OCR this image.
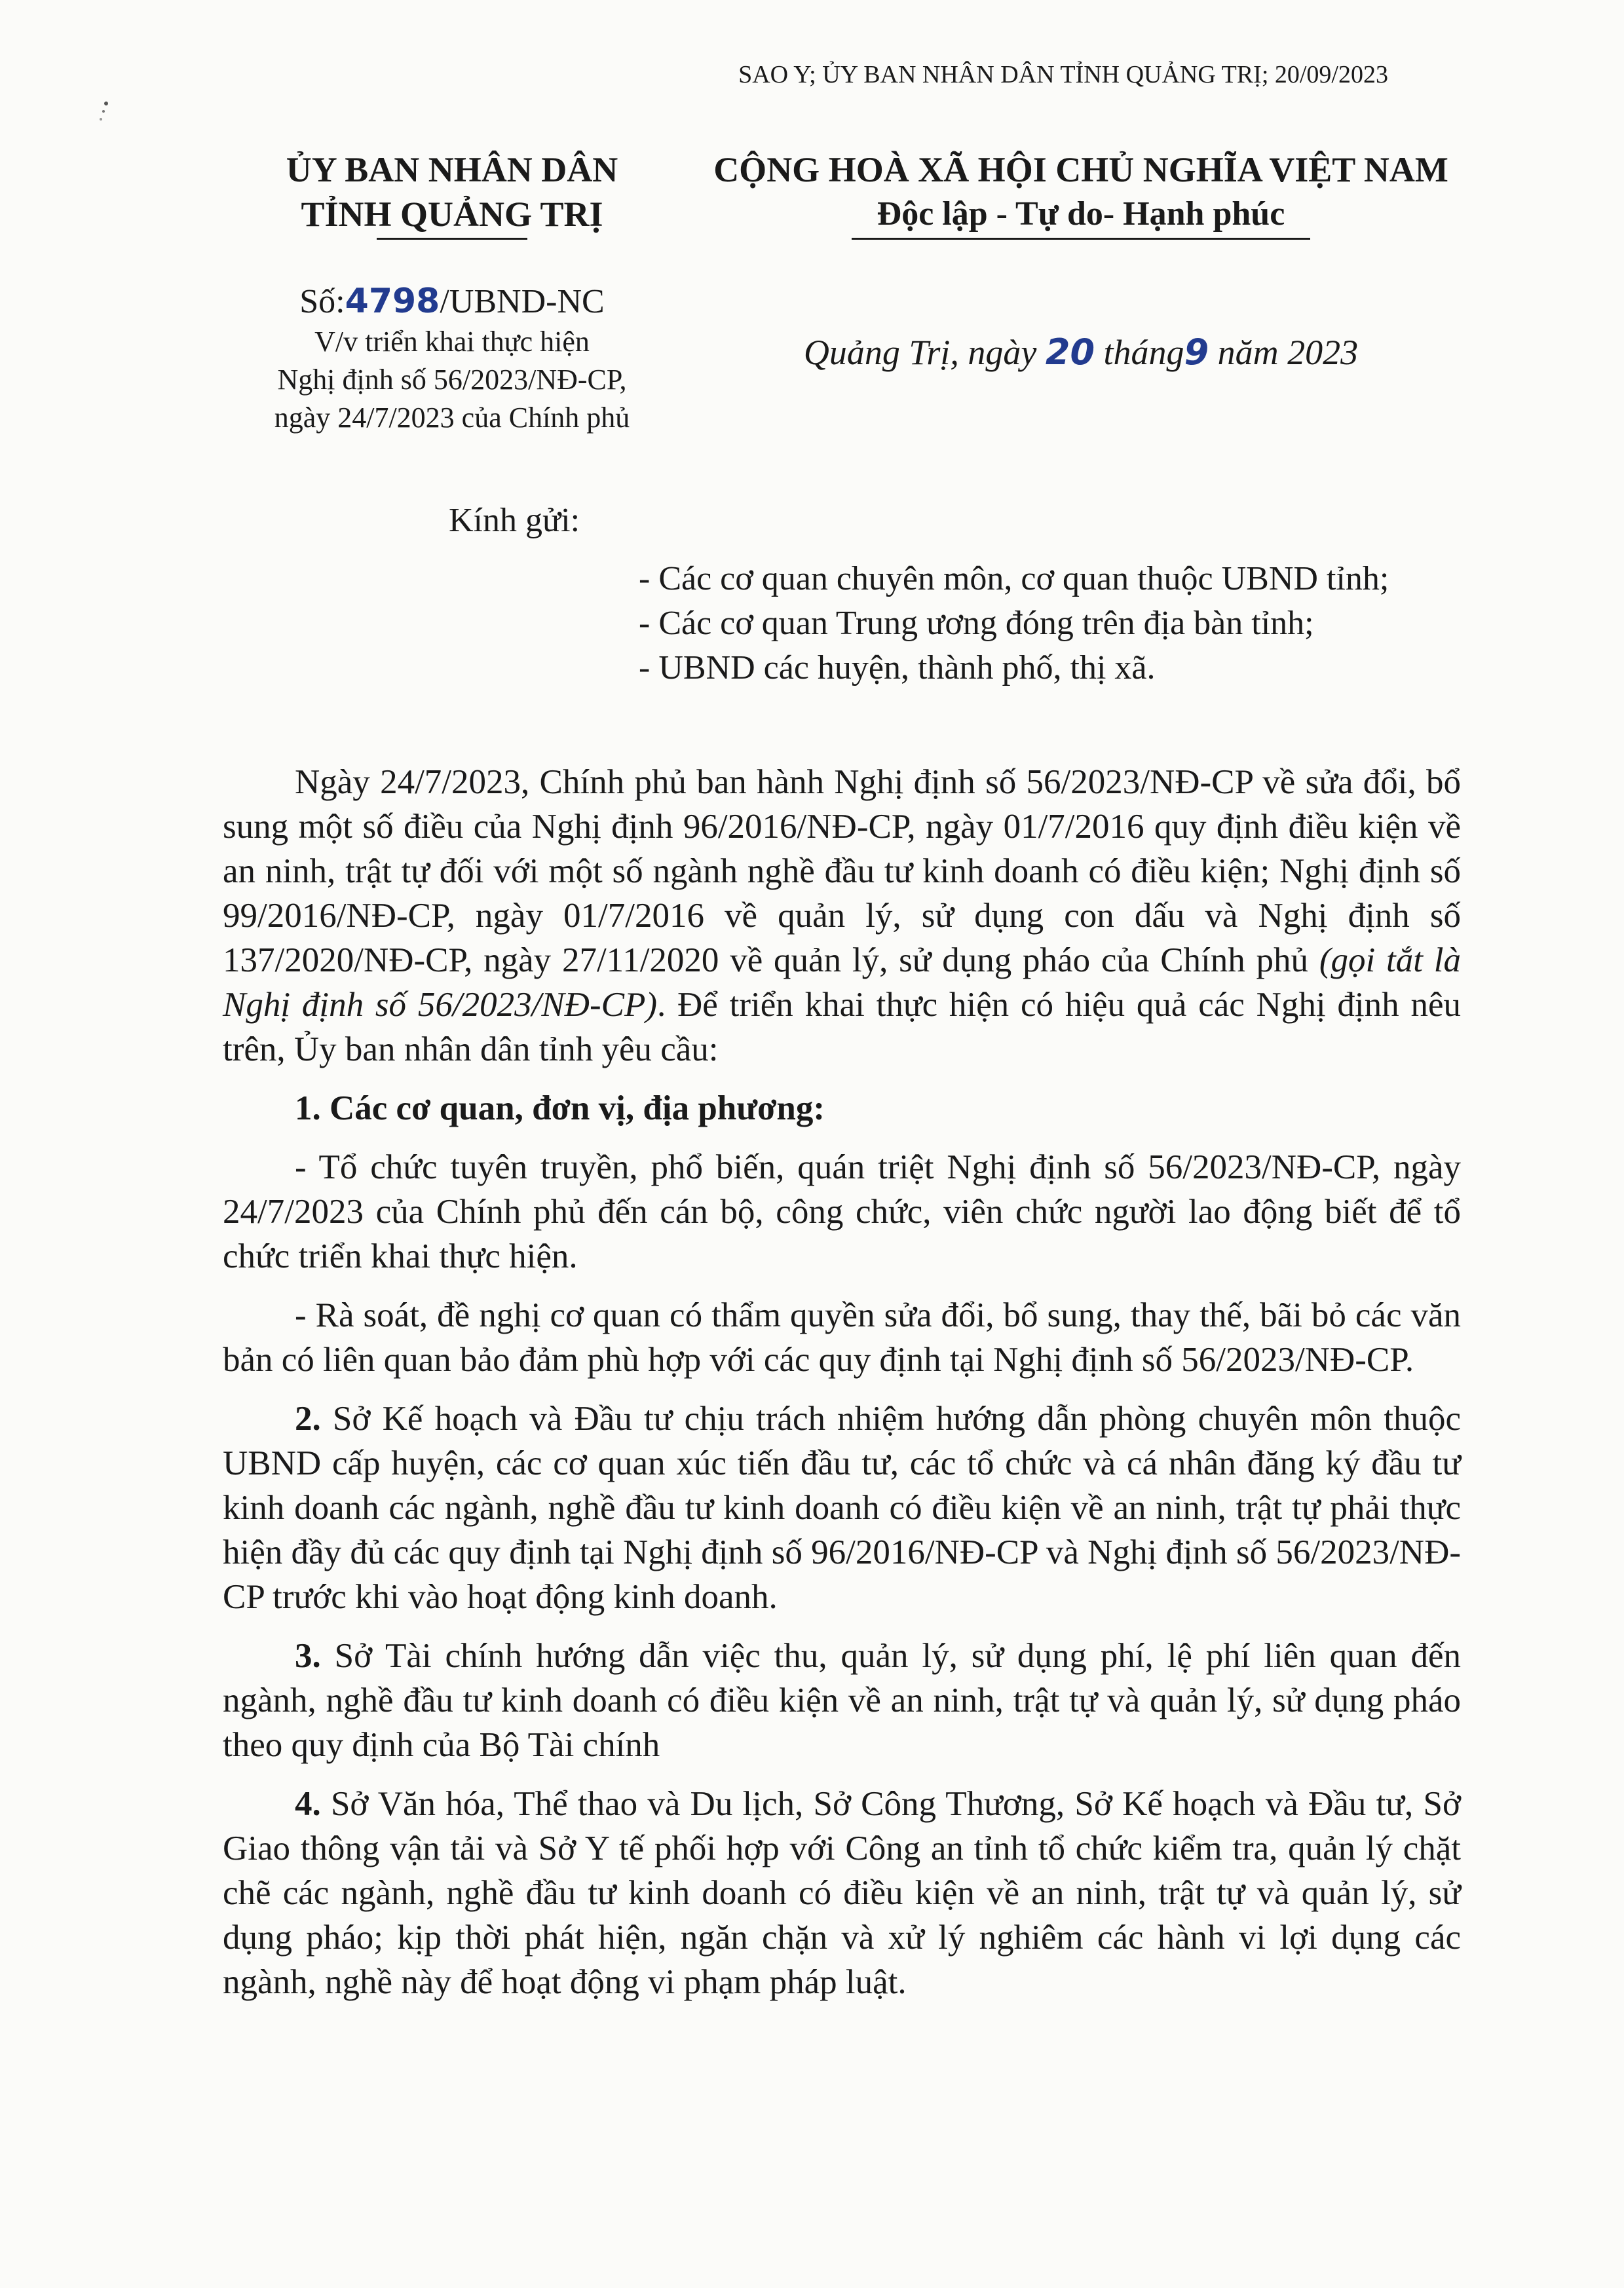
SAO Y; ỦY BAN NHÂN DÂN TỈNH QUẢNG TRỊ; 20/09/2023
ỦY BAN NHÂN DÂN
TỈNH QUẢNG TRỊ
Số:4798/UBND-NC
V/v triển khai thực hiện
Nghị định số 56/2023/NĐ-CP,
ngày 24/7/2023 của Chính phủ
CỘNG HOÀ XÃ HỘI CHỦ NGHĨA VIỆT NAM
Độc lập - Tự do- Hạnh phúc
Quảng Trị, ngày 20 tháng9 năm 2023
Kính gửi:
- Các cơ quan chuyên môn, cơ quan thuộc UBND tỉnh;
- Các cơ quan Trung ương đóng trên địa bàn tỉnh;
- UBND các huyện, thành phố, thị xã.

Ngày 24/7/2023, Chính phủ ban hành Nghị định số 56/2023/NĐ-CP về sửa đổi, bổ sung một số điều của Nghị định 96/2016/NĐ-CP, ngày 01/7/2016 quy định điều kiện về an ninh, trật tự đối với một số ngành nghề đầu tư kinh doanh có điều kiện; Nghị định số 99/2016/NĐ-CP, ngày 01/7/2016 về quản lý, sử dụng con dấu và Nghị định số 137/2020/NĐ-CP, ngày 27/11/2020 về quản lý, sử dụng pháo của Chính phủ (gọi tắt là Nghị định số 56/2023/NĐ-CP). Để triển khai thực hiện có hiệu quả các Nghị định nêu trên, Ủy ban nhân dân tỉnh yêu cầu:

1. Các cơ quan, đơn vị, địa phương:

- Tổ chức tuyên truyền, phổ biến, quán triệt Nghị định số 56/2023/NĐ-CP, ngày 24/7/2023 của Chính phủ đến cán bộ, công chức, viên chức người lao động biết để tổ chức triển khai thực hiện.

- Rà soát, đề nghị cơ quan có thẩm quyền sửa đổi, bổ sung, thay thế, bãi bỏ các văn bản có liên quan bảo đảm phù hợp với các quy định tại Nghị định số 56/2023/NĐ-CP.

2. Sở Kế hoạch và Đầu tư chịu trách nhiệm hướng dẫn phòng chuyên môn thuộc UBND cấp huyện, các cơ quan xúc tiến đầu tư, các tổ chức và cá nhân đăng ký đầu tư kinh doanh các ngành, nghề đầu tư kinh doanh có điều kiện về an ninh, trật tự phải thực hiện đầy đủ các quy định tại Nghị định số 96/2016/NĐ-CP và Nghị định số 56/2023/NĐ-CP trước khi vào hoạt động kinh doanh.

3. Sở Tài chính hướng dẫn việc thu, quản lý, sử dụng phí, lệ phí liên quan đến ngành, nghề đầu tư kinh doanh có điều kiện về an ninh, trật tự và quản lý, sử dụng pháo theo quy định của Bộ Tài chính

4. Sở Văn hóa, Thể thao và Du lịch, Sở Công Thương, Sở Kế hoạch và Đầu tư, Sở Giao thông vận tải và Sở Y tế phối hợp với Công an tỉnh tổ chức kiểm tra, quản lý chặt chẽ các ngành, nghề đầu tư kinh doanh có điều kiện về an ninh, trật tự và quản lý, sử dụng pháo; kịp thời phát hiện, ngăn chặn và xử lý nghiêm các hành vi lợi dụng các ngành, nghề này để hoạt động vi phạm pháp luật.
